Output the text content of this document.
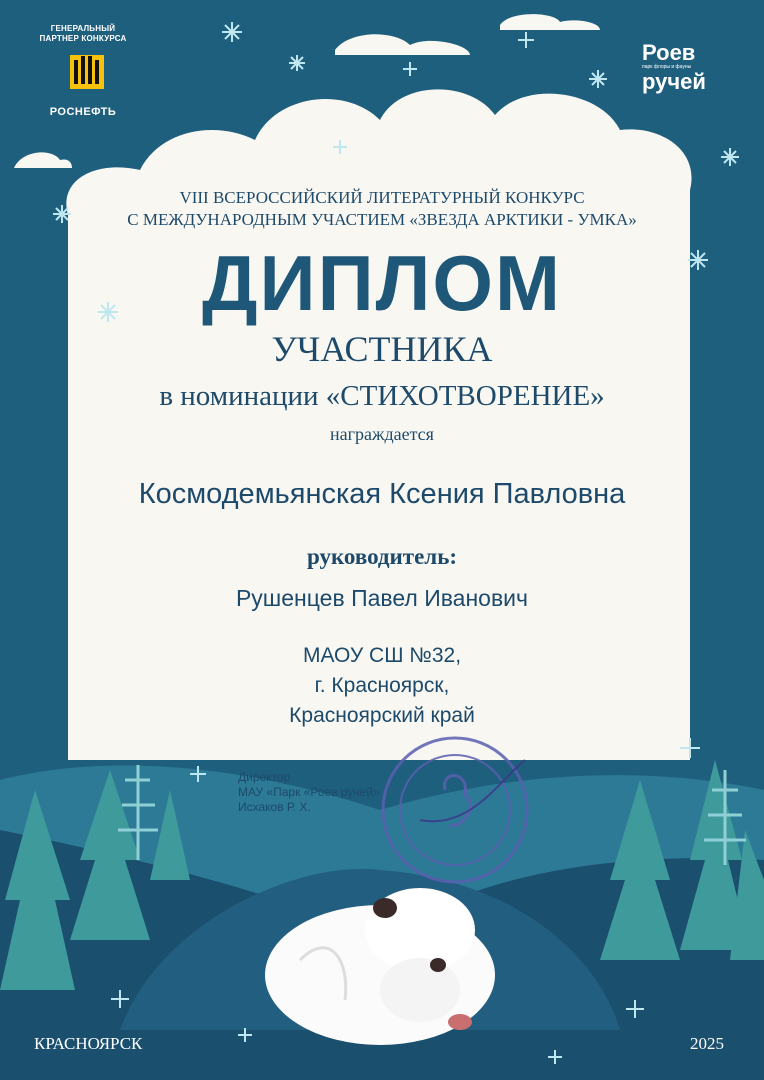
ГЕНЕРАЛЬНЫЙ
ПАРТНЕР КОНКУРСА
РОСНЕФТЬ
Роев
парк флоры и фауны
ручей

VIII ВСЕРОССИЙСКИЙ ЛИТЕРАТУРНЫЙ КОНКУРС

С МЕЖДУНАРОДНЫМ УЧАСТИЕМ «ЗВЕЗДА АРКТИКИ - УМКА»

ДИПЛОМ

УЧАСТНИКА

в номинации «СТИХОТВОРЕНИЕ»

награждается

Космодемьянская Ксения Павловна

руководитель:

Рушенцев Павел Иванович

МАОУ СШ №32,

г. Красноярск,

Красноярский край

Директор
МАУ «Парк «Роев ручей»
Исхаков Р. Х.
КРАСНОЯРСК	2025
